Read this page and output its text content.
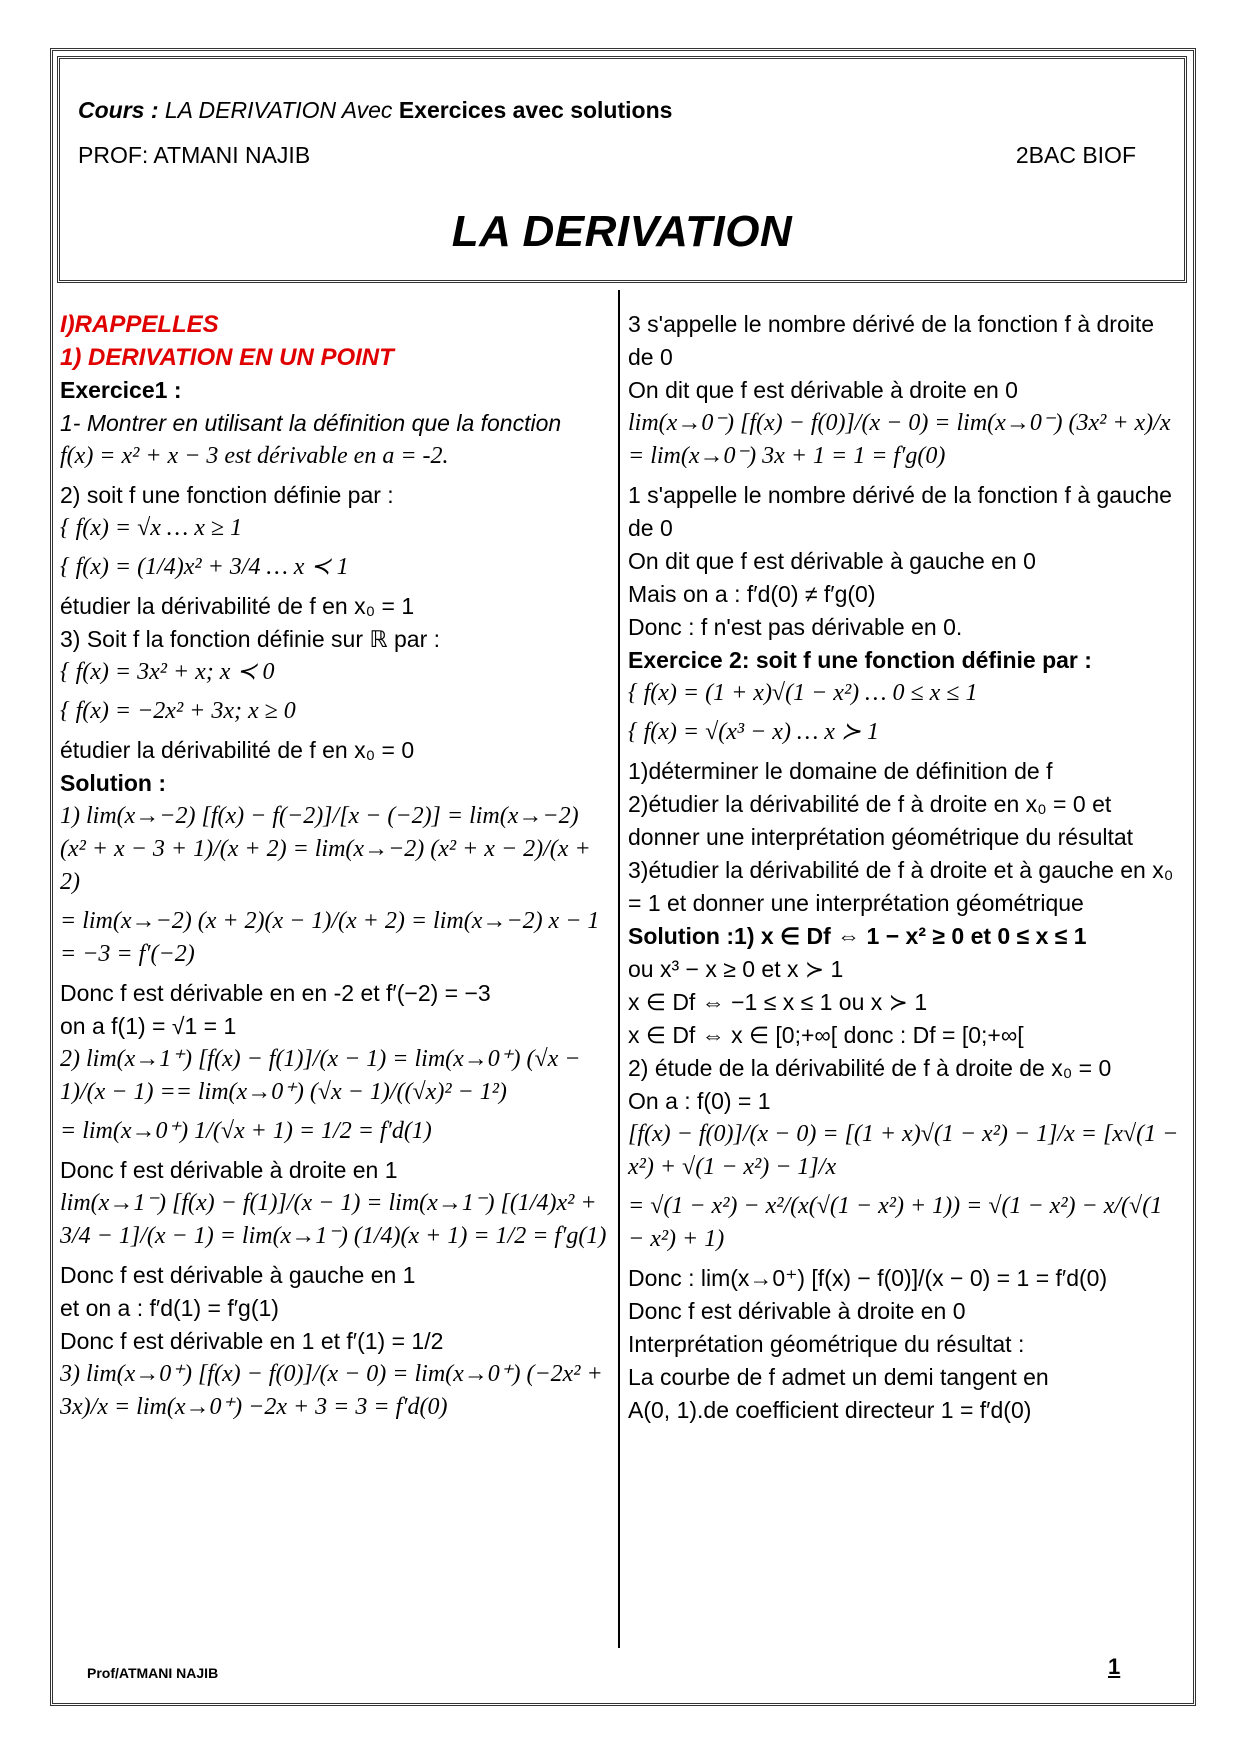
Cours : LA DERIVATION Avec Exercices avec solutions
PROF: ATMANI NAJIB	2BAC BIOF
LA DERIVATION
I)RAPPELLES
1) DERIVATION EN UN POINT
Exercice1 :
1- Montrer en utilisant la définition que la fonction
f(x) = x² + x − 3 est dérivable en a = -2.
2) soit f une fonction définie par :
{ f(x) = √x … x ≥ 1
{ f(x) = (1/4)x² + 3/4 … x ≺ 1
étudier la dérivabilité de f en x₀ = 1
3) Soit f la fonction définie sur ℝ par :
{ f(x) = 3x² + x; x ≺ 0
{ f(x) = −2x² + 3x; x ≥ 0
étudier la dérivabilité de f en x₀ = 0
Solution :
1) lim(x→−2) [f(x) − f(−2)]/[x − (−2)] = lim(x→−2) (x² + x − 3 + 1)/(x + 2) = lim(x→−2) (x² + x − 2)/(x + 2)
= lim(x→−2) (x + 2)(x − 1)/(x + 2) = lim(x→−2) x − 1 = −3 = f′(−2)
Donc f est dérivable en en -2 et f′(−2) = −3
on a f(1) = √1 = 1
2) lim(x→1⁺) [f(x) − f(1)]/(x − 1) = lim(x→0⁺) (√x − 1)/(x − 1) == lim(x→0⁺) (√x − 1)/((√x)² − 1²)
= lim(x→0⁺) 1/(√x + 1) = 1/2 = f′d(1)
Donc f est dérivable à droite en 1
lim(x→1⁻) [f(x) − f(1)]/(x − 1) = lim(x→1⁻) [(1/4)x² + 3/4 − 1]/(x − 1) = lim(x→1⁻) (1/4)(x + 1) = 1/2 = f′g(1)
Donc f est dérivable à gauche en 1
et on a : f′d(1) = f′g(1)
Donc f est dérivable en 1 et f′(1) = 1/2
3) lim(x→0⁺) [f(x) − f(0)]/(x − 0) = lim(x→0⁺) (−2x² + 3x)/x = lim(x→0⁺) −2x + 3 = 3 = f′d(0)
3 s'appelle le nombre dérivé de la fonction f à droite de 0
On dit que f est dérivable à droite en 0
lim(x→0⁻) [f(x) − f(0)]/(x − 0) = lim(x→0⁻) (3x² + x)/x = lim(x→0⁻) 3x + 1 = 1 = f′g(0)
1 s'appelle le nombre dérivé de la fonction f à gauche de 0
On dit que f est dérivable à gauche en 0
Mais on a : f′d(0) ≠ f′g(0)
Donc : f n'est pas dérivable en 0.
Exercice 2: soit f une fonction définie par :
{ f(x) = (1 + x)√(1 − x²) … 0 ≤ x ≤ 1
{ f(x) = √(x³ − x) … x ≻ 1
1)déterminer le domaine de définition de f
2)étudier la dérivabilité de f à droite en x₀ = 0 et donner une interprétation géométrique du résultat
3)étudier la dérivabilité de f à droite et à gauche en x₀ = 1 et donner une interprétation géométrique
Solution :1) x ∈ Df ⇔ 1 − x² ≥ 0 et 0 ≤ x ≤ 1
ou x³ − x ≥ 0 et x ≻ 1
x ∈ Df ⇔ −1 ≤ x ≤ 1 ou x ≻ 1
x ∈ Df ⇔ x ∈ [0;+∞[ donc : Df = [0;+∞[
2) étude de la dérivabilité de f à droite de x₀ = 0
On a : f(0) = 1
[f(x) − f(0)]/(x − 0) = [(1 + x)√(1 − x²) − 1]/x = [x√(1 − x²) + √(1 − x²) − 1]/x
= √(1 − x²) − x²/(x(√(1 − x²) + 1)) = √(1 − x²) − x/(√(1 − x²) + 1)
Donc : lim(x→0⁺) [f(x) − f(0)]/(x − 0) = 1 = f′d(0)
Donc f est dérivable à droite en 0
Interprétation géométrique du résultat :
La courbe de f admet un demi tangent en
A(0, 1).de coefficient directeur 1 = f′d(0)
Prof/ATMANI NAJIB	1
